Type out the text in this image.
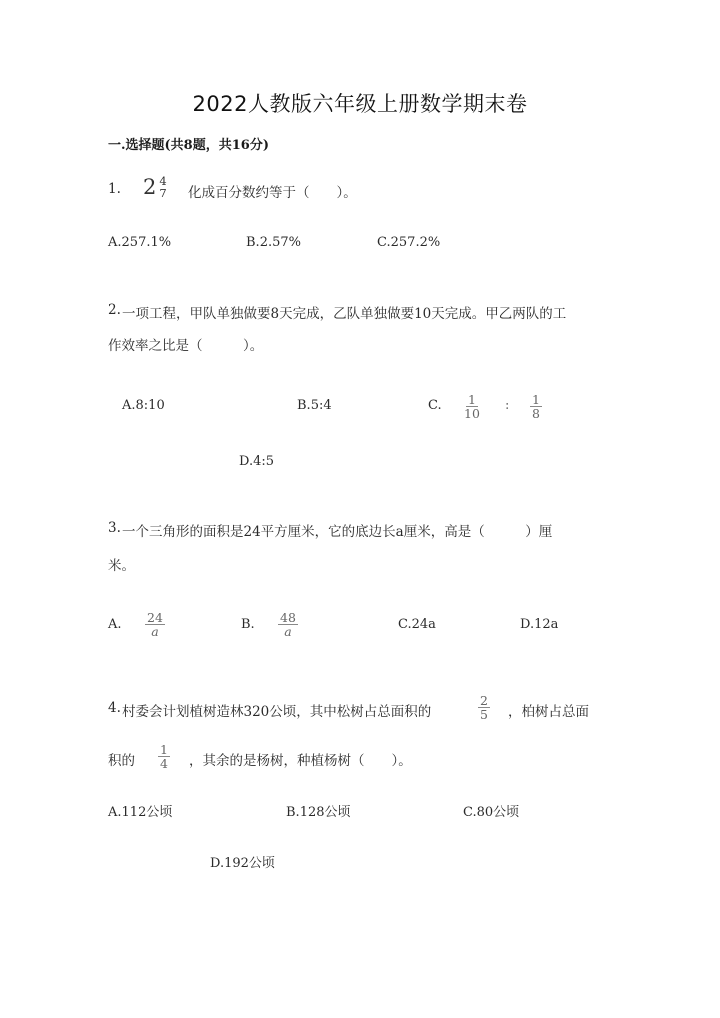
2022人教版六年级上册数学期末卷
一.选择题(共8题，共16分)
1. 2 4
7 化成百分数约等于（　　）。
A.257.1%	B.2.57%	C.257.2%
2. 一项工程，甲队单独做要8天完成，乙队单独做要10天完成。甲乙两队的工
作效率之比是（　　　）。
A.8:10	B.5:4	C. $\frac{1}{10}$ : $\frac{1}{8}$
D.4:5
3. 一个三角形的面积是24平方厘米，它的底边长a厘米，高是（　　　）厘
米。
A. $\frac{24}{a}$	B. $\frac{48}{a}$	C.24a	D.12a
4. 村委会计划植树造林320公顷，其中松树占总面积的	$\frac{2}{5}$ ，柏树占总面
积的 $\frac{1}{4}$ ，其余的是杨树，种植杨树（　　）。
A.112公顷	B.128公顷	C.80公顷
D.192公顷
